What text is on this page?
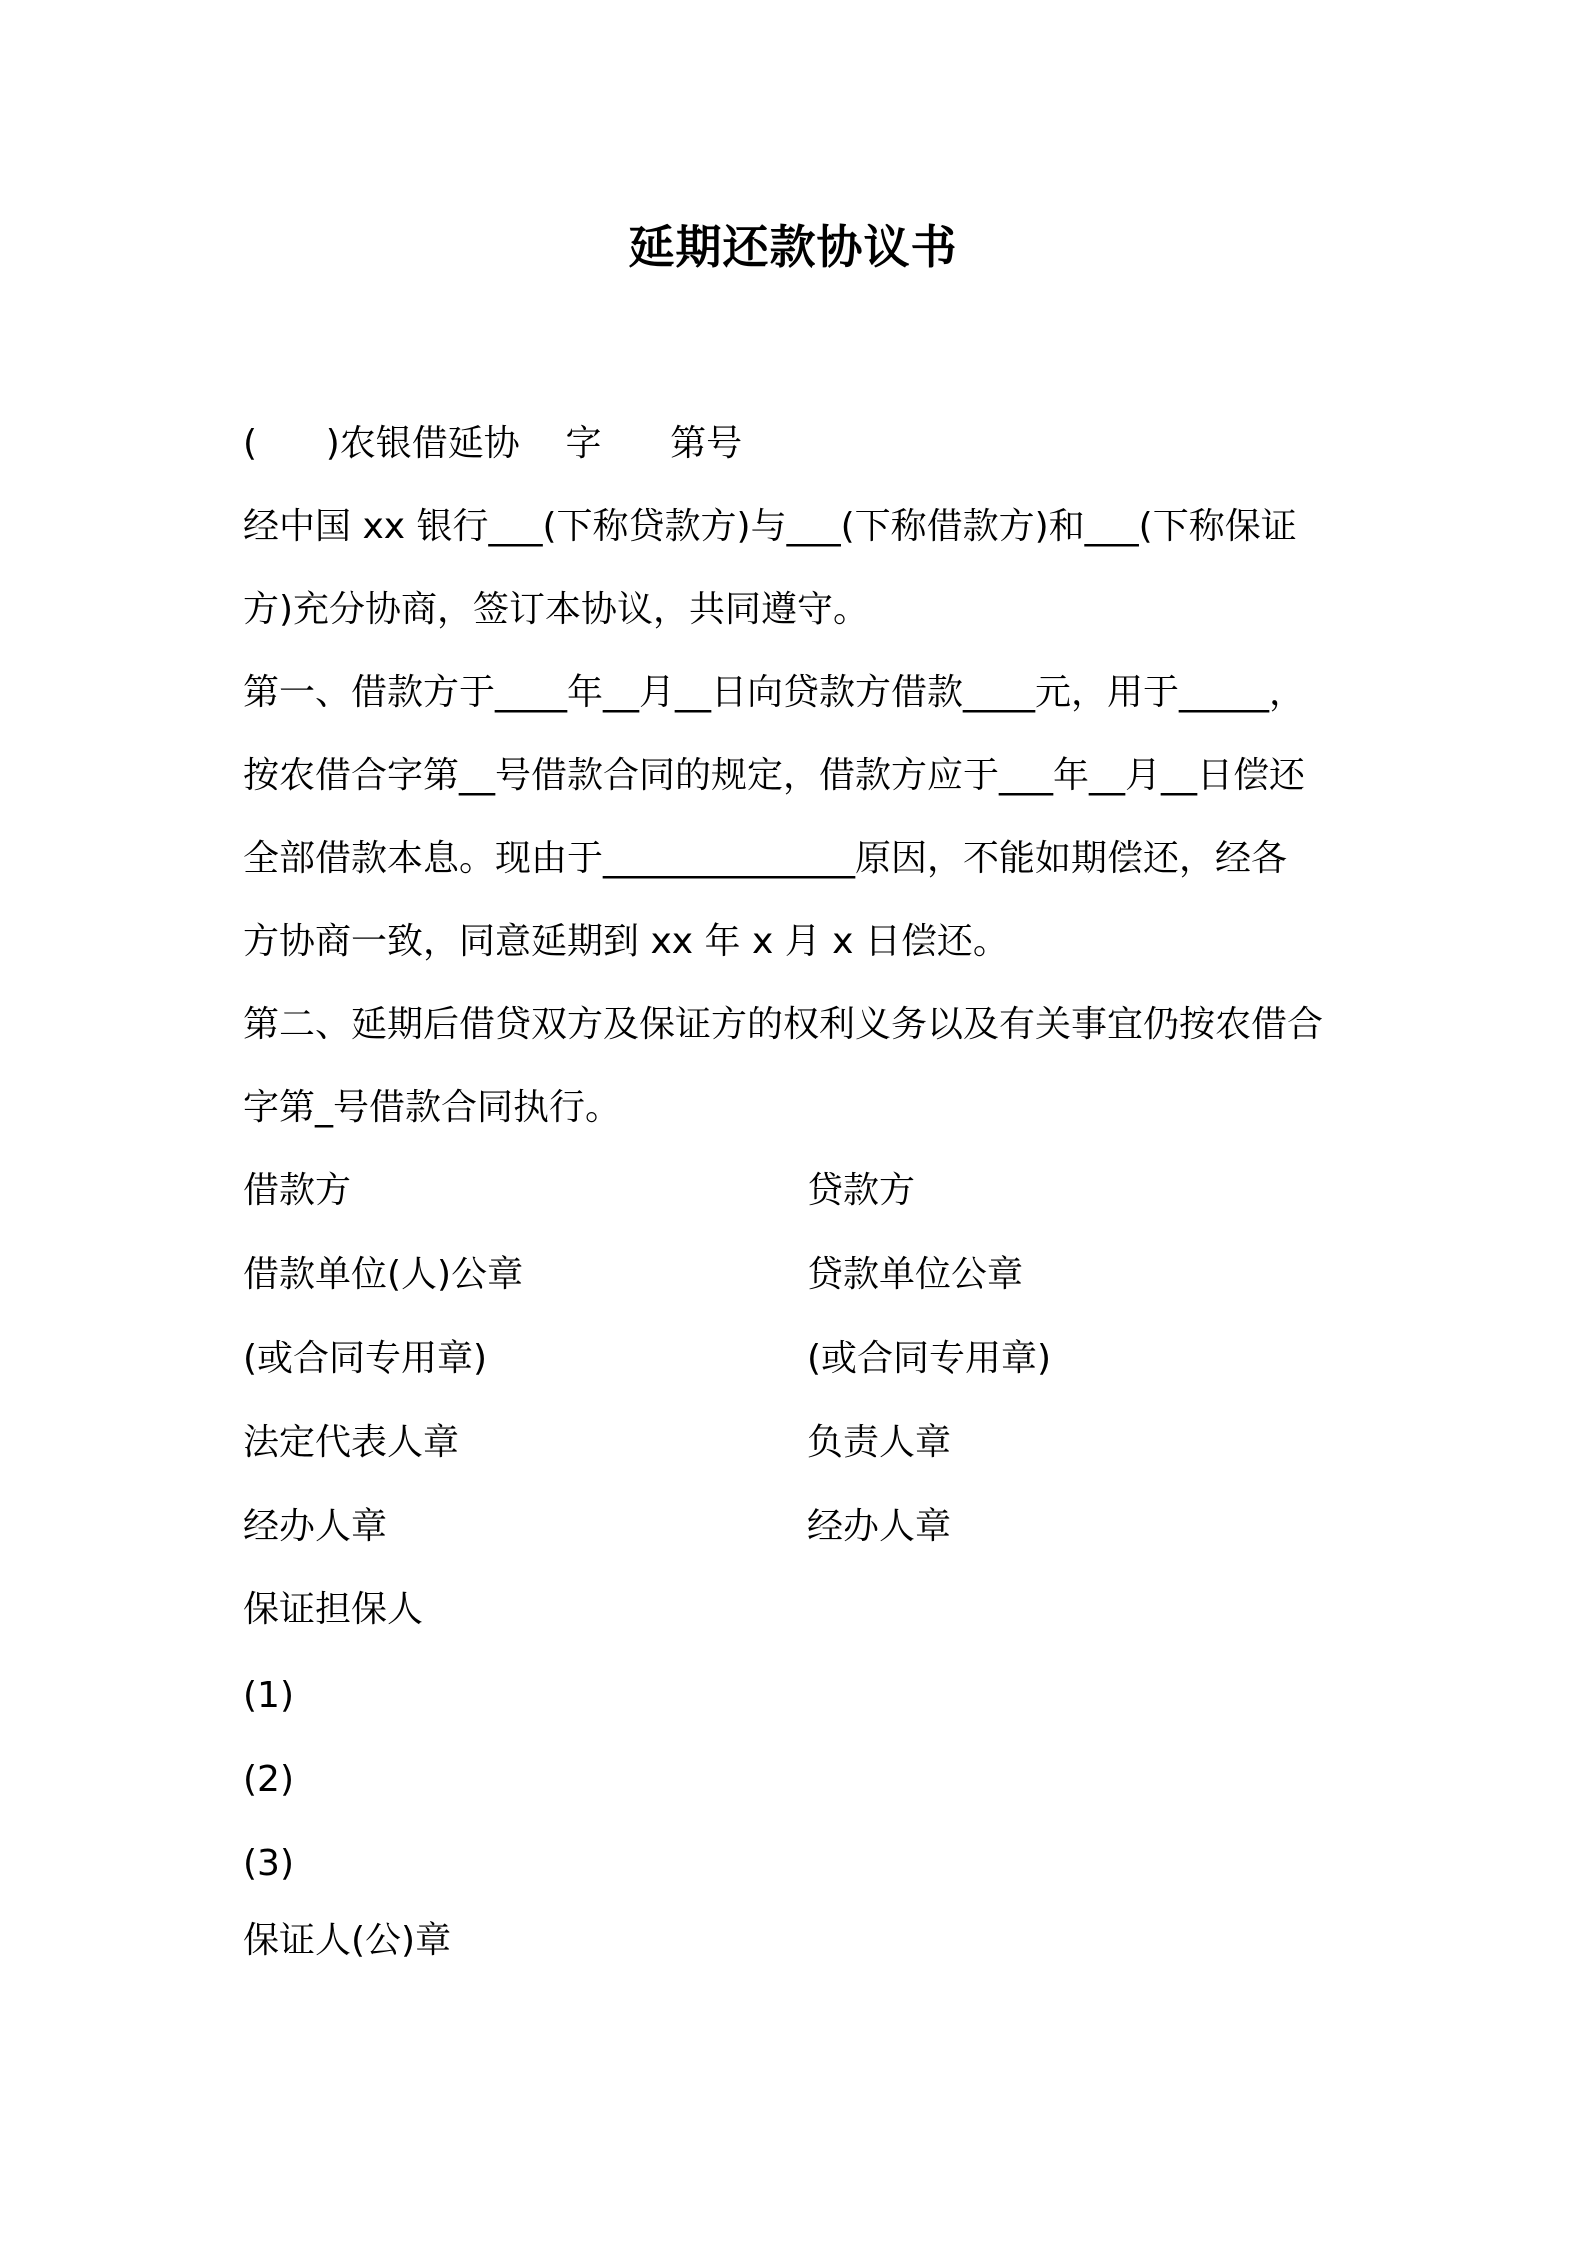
延期还款协议书
(      )农银借延协    字      第号
经中国 xx 银行___(下称贷款方)与___(下称借款方)和___(下称保证
方)充分协商，签订本协议，共同遵守。
第一、借款方于____年__月__日向贷款方借款____元，用于_____，
按农借合字第__号借款合同的规定，借款方应于___年__月__日偿还
全部借款本息。现由于______________原因，不能如期偿还，经各
方协商一致，同意延期到 xx 年 x 月 x 日偿还。
第二、延期后借贷双方及保证方的权利义务以及有关事宜仍按农借合
字第_号借款合同执行。
借款方	贷款方
借款单位(人)公章	贷款单位公章
(或合同专用章)	(或合同专用章)
法定代表人章	负责人章
经办人章	经办人章
保证担保人
(1)
(2)
(3)
保证人(公)章
